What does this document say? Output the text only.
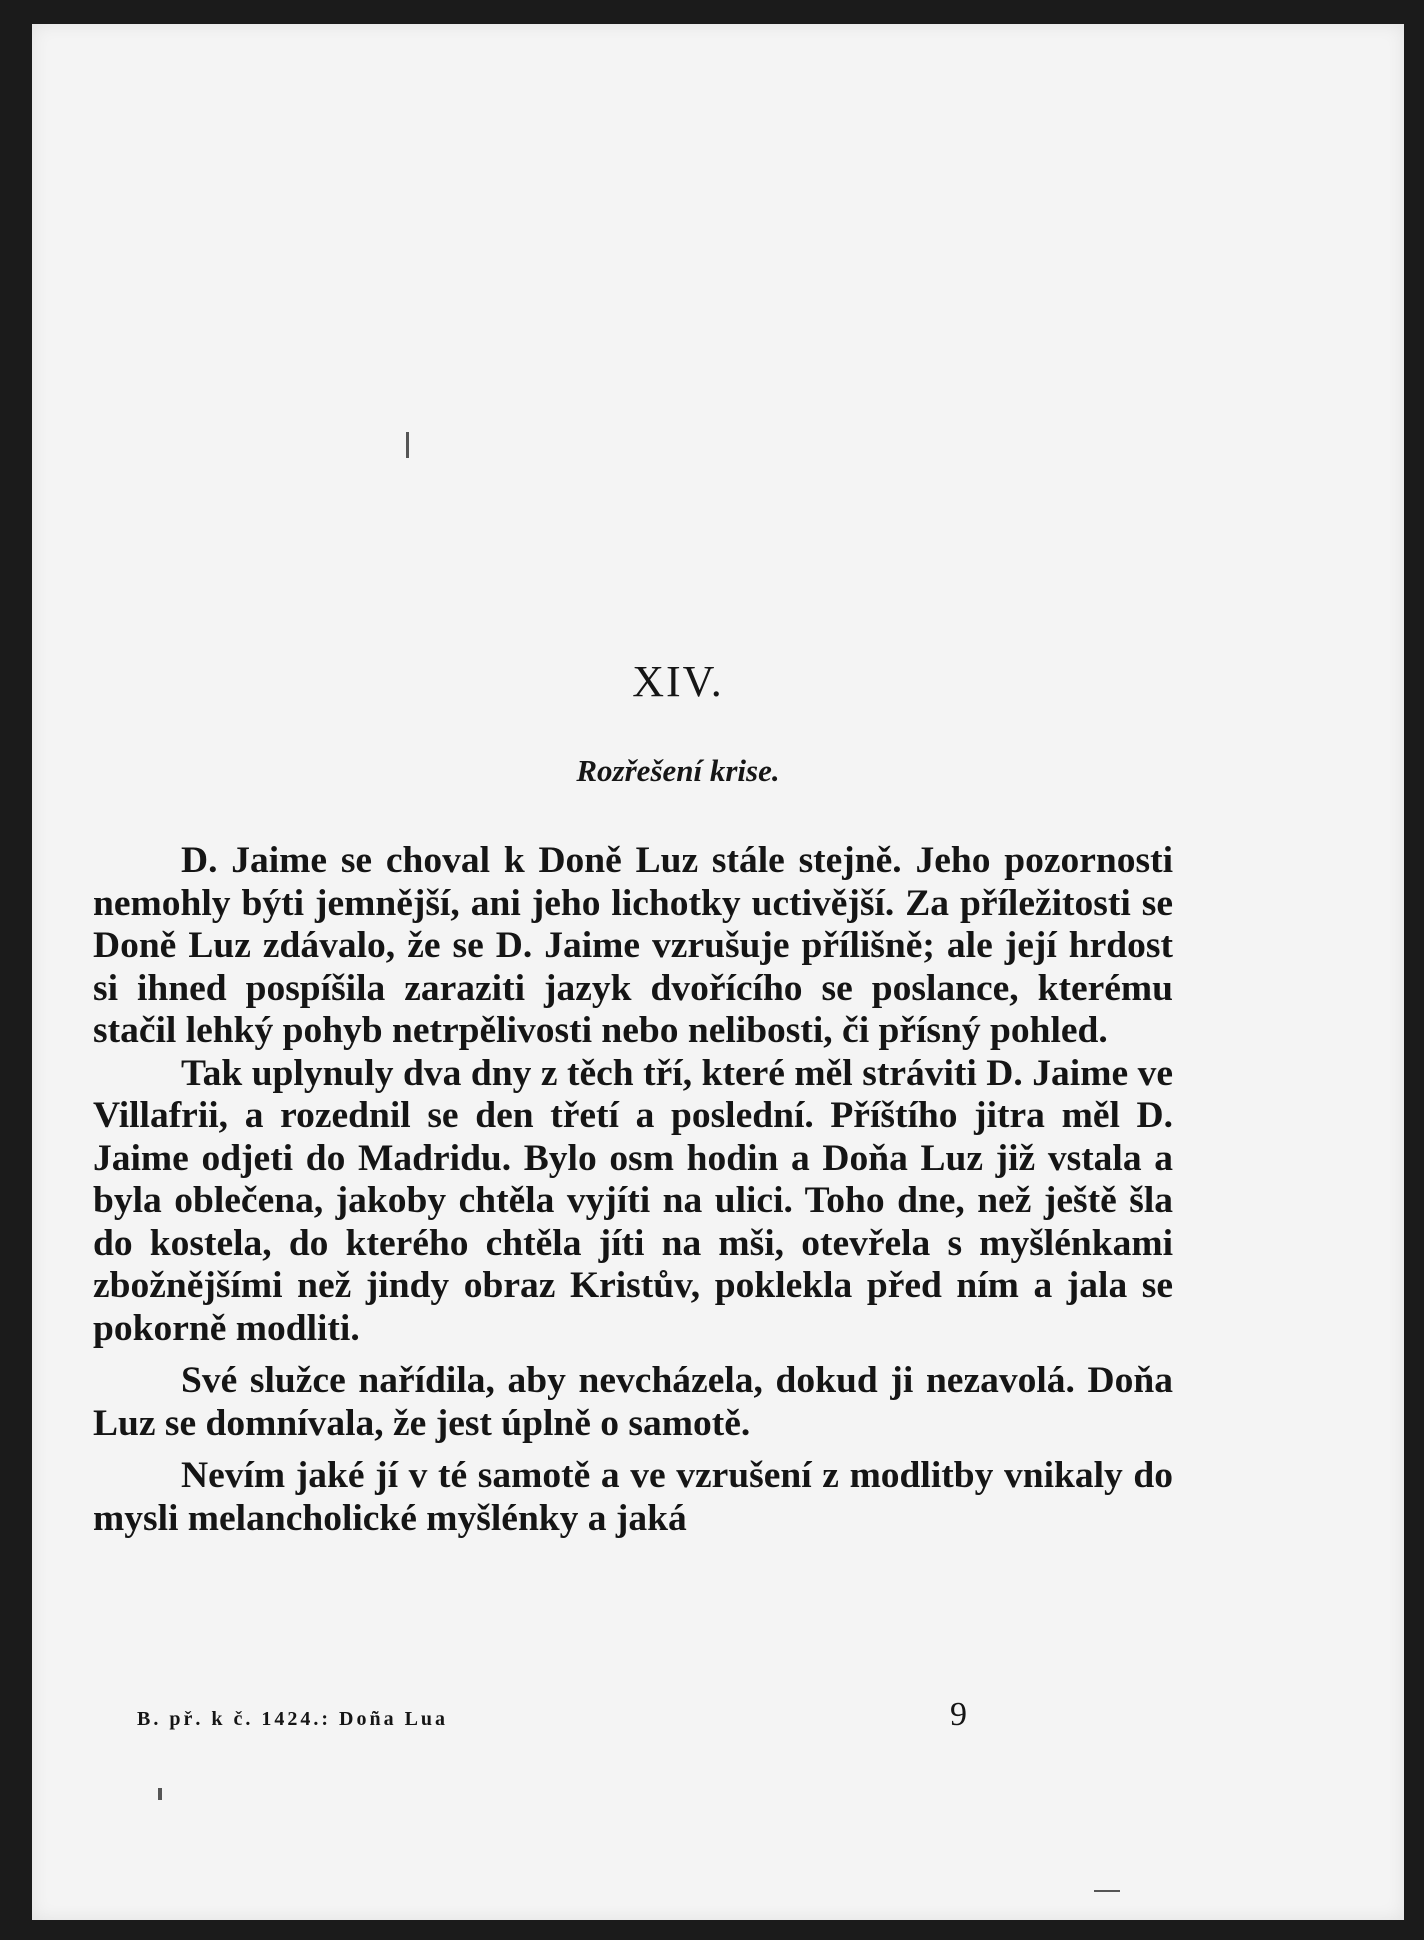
XIV.
Rozřešení krise.

D. Jaime se choval k Doně Luz stále stejně. Jeho pozornosti nemohly býti jemnější, ani jeho lichotky uctivější. Za příležitosti se Doně Luz zdávalo, že se D. Jaime vzrušuje přílišně; ale její hrdost si ihned pospíšila zaraziti jazyk dvořícího se poslance, kterému stačil lehký pohyb netrpělivosti nebo nelibosti, či přísný pohled.

Tak uplynuly dva dny z těch tří, které měl stráviti D. Jaime ve Villafrii, a rozednil se den třetí a poslední. Příštího jitra měl D. Jaime odjeti do Madridu. Bylo osm hodin a Doňa Luz již vstala a byla oblečena, jakoby chtěla vyjíti na ulici. Toho dne, než ještě šla do kostela, do kterého chtěla jíti na mši, otevřela s myšlénkami zbožnějšími než jindy obraz Kristův, poklekla před ním a jala se pokorně modliti.

Své služce nařídila, aby nevcházela, dokud ji nezavolá. Doňa Luz se domnívala, že jest úplně o samotě.

Nevím jaké jí v té samotě a ve vzrušení z modlitby vnikaly do mysli melancholické myšlénky a jaká

B. př. k č. 1424.: Doña Lua	9
